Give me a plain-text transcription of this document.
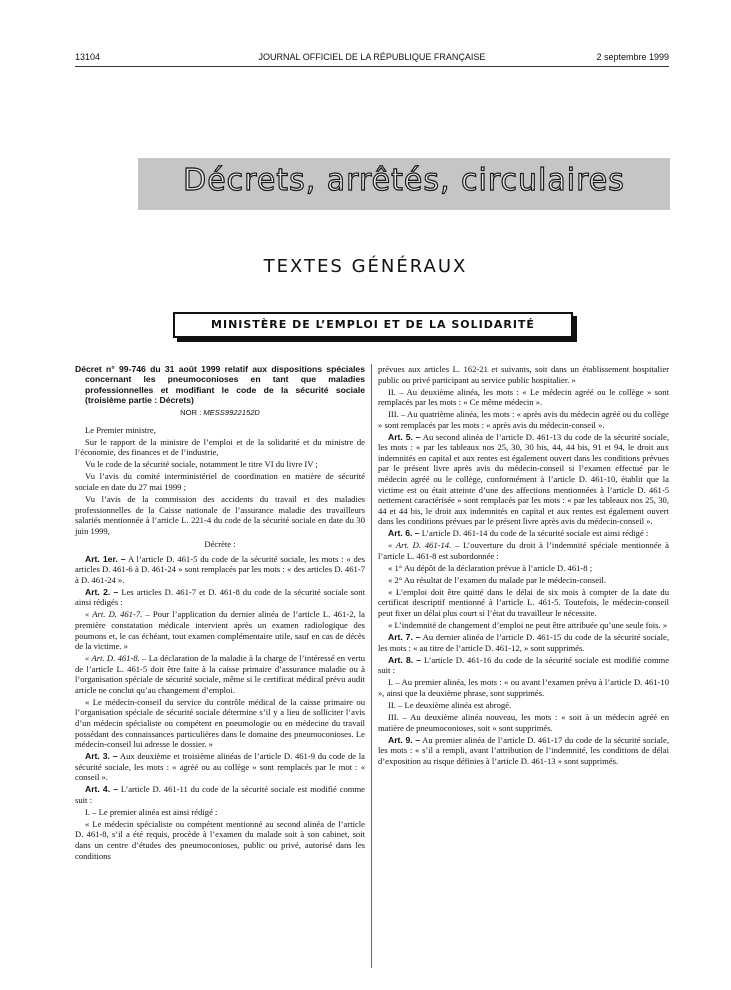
13104	JOURNAL OFFICIEL DE LA RÉPUBLIQUE FRANÇAISE	2 septembre 1999
Décrets, arrêtés, circulaires
TEXTES GÉNÉRAUX
MINISTÈRE DE L’EMPLOI ET DE LA SOLIDARITÉ
Décret n° 99-746 du 31 août 1999 relatif aux dispositions spéciales concernant les pneumoconioses en tant que maladies professionnelles et modifiant le code de la sécurité sociale (troisième partie : Décrets)
NOR : MESS9922152D

Le Premier ministre,

Sur le rapport de la ministre de l’emploi et de la solidarité et du ministre de l’économie, des finances et de l’industrie,

Vu le code de la sécurité sociale, notamment le titre VI du livre IV ;

Vu l’avis du comité interministériel de coordination en matière de sécurité sociale en date du 27 mai 1999 ;

Vu l’avis de la commission des accidents du travail et des maladies professionnelles de la Caisse nationale de l’assurance maladie des travailleurs salariés mentionnée à l’article L. 221-4 du code de la sécurité sociale en date du 30 juin 1999,

Décrète :

Art. 1er. – A l’article D. 461-5 du code de la sécurité sociale, les mots : « des articles D. 461-6 à D. 461-24 » sont remplacés par les mots : « des articles D. 461-7 à D. 461-24 ».

Art. 2. – Les articles D. 461-7 et D. 461-8 du code de la sécurité sociale sont ainsi rédigés :

« Art. D. 461-7. – Pour l’application du dernier alinéa de l’article L. 461-2, la première constatation médicale intervient après un examen radiologique des poumons et, le cas échéant, tout examen complémentaire utile, sauf en cas de décès de la victime. »

« Art. D. 461-8. – La déclaration de la maladie à la charge de l’intéressé en vertu de l’article L. 461-5 doit être faite à la caisse primaire d’assurance maladie ou à l’organisation spéciale de sécurité sociale, même si le certificat médical prévu audit article ne conclut qu’au changement d’emploi.

« Le médecin-conseil du service du contrôle médical de la caisse primaire ou l’organisation spéciale de sécurité sociale détermine s’il y a lieu de solliciter l’avis d’un médecin spécialiste ou compétent en pneumologie ou en médecine du travail possédant des connaissances particulières dans le domaine des pneumoconioses. Le médecin-conseil lui adresse le dossier. »

Art. 3. – Aux deuxième et troisième alinéas de l’article D. 461-9 du code de la sécurité sociale, les mots : « agréé ou au collège » sont remplacés par le mot : « conseil ».

Art. 4. – L’article D. 461-11 du code de la sécurité sociale est modifié comme suit :

I. – Le premier alinéa est ainsi rédigé :

« Le médecin spécialiste ou compétent mentionné au second alinéa de l’article D. 461-8, s’il a été requis, procède à l’examen du malade soit à son cabinet, soit dans un centre d’études des pneumoconioses, public ou privé, autorisé dans les conditions

prévues aux articles L. 162-21 et suivants, soit dans un établissement hospitalier public ou privé participant au service public hospitalier. »

II. – Au deuxième alinéa, les mots : « Le médecin agréé ou le collège » sont remplacés par les mots : « Ce même médecin ».

III. – Au quatrième alinéa, les mots : « après avis du médecin agréé ou du collège » sont remplacés par les mots : « après avis du médecin-conseil ».

Art. 5. – Au second alinéa de l’article D. 461-13 du code de la sécurité sociale, les mots : « par les tableaux nos 25, 30, 30 bis, 44, 44 bis, 91 et 94, le droit aux indemnités en capital et aux rentes est également ouvert dans les conditions prévues par le présent livre après avis du médecin-conseil si l’examen effectué par le médecin agréé ou le collège, conformément à l’article D. 461-10, établit que la victime est ou était atteinte d’une des affections mentionnées à l’article D. 461-5 nettement caractérisée » sont remplacés par les mots : « par les tableaux nos 25, 30, 44 et 44 bis, le droit aux indemnités en capital et aux rentes est également ouvert dans les conditions prévues par le présent livre après avis du médecin-conseil ».

Art. 6. – L’article D. 461-14 du code de la sécurité sociale est ainsi rédigé :

« Art. D. 461-14. – L’ouverture du droit à l’indemnité spéciale mentionnée à l’article L. 461-8 est subordonnée :

« 1° Au dépôt de la déclaration prévue à l’article D. 461-8 ;

« 2° Au résultat de l’examen du malade par le médecin-conseil.

« L’emploi doit être quitté dans le délai de six mois à compter de la date du certificat descriptif mentionné à l’article L. 461-5. Toutefois, le médecin-conseil peut fixer un délai plus court si l’état du travailleur le nécessite.

« L’indemnité de changement d’emploi ne peut être attribuée qu’une seule fois. »

Art. 7. – Au dernier alinéa de l’article D. 461-15 du code de la sécurité sociale, les mots : « au titre de l’article D. 461-12, » sont supprimés.

Art. 8. – L’article D. 461-16 du code de la sécurité sociale est modifié comme suit :

I. – Au premier alinéa, les mots : « ou avant l’examen prévu à l’article D. 461-10 », ainsi que la deuxième phrase, sont supprimés.

II. – Le deuxième alinéa est abrogé.

III. – Au deuxième alinéa nouveau, les mots : « soit à un médecin agréé en matière de pneumoconioses, soit » sont supprimés.

Art. 9. – Au premier alinéa de l’article D. 461-17 du code de la sécurité sociale, les mots : « s’il a rempli, avant l’attribution de l’indemnité, les conditions de délai d’exposition au risque définies à l’article D. 461-13 » sont supprimés.
